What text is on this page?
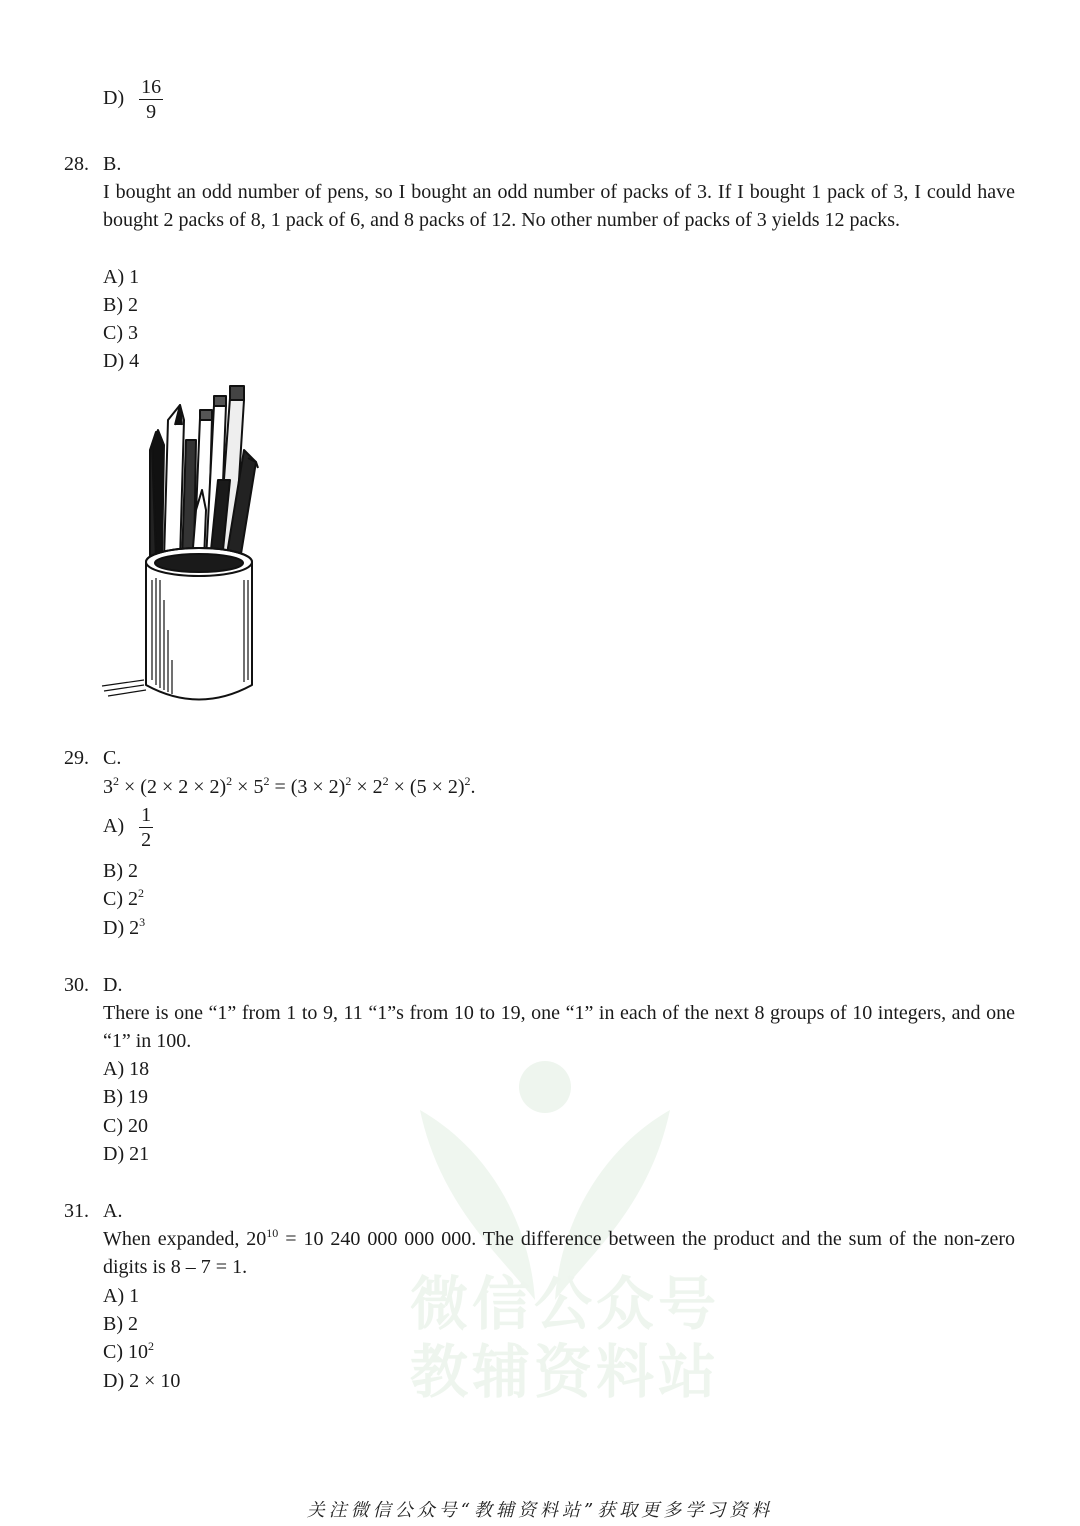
微信公众号
教辅资料站
$D) \frac{16}{9}$
28. B.
I bought an odd number of pens, so I bought an odd number of packs of 3. If I bought 1 pack of 3, I could have bought 2 packs of 8, 1 pack of 6, and 8 packs of 12. No other number of packs of 3 yields 12 packs.
A) 1
B) 2
C) 3
D) 4
29. C.
$3^2 \times (2 \times 2 \times 2)^2 \times 5^2 = (3 \times 2)^2 \times 2^2 \times (5 \times 2)^2$.
$A) \frac{1}{2}$
B) 2
C) $2^2$
D) $2^3$
30. D.
There is one “1” from 1 to 9, 11 “1”s from 10 to 19, one “1” in each of the next 8 groups of 10 integers, and one “1” in 100.
A) 18
B) 19
C) 20
D) 21
31. A.
When expanded, $20^{10} = 10$ 240 000 000 000. The difference between the product and the sum of the non-zero digits is 8 – 7 = 1.
A) 1
B) 2
C) $10^2$
D) 2 × 10
关注微信公众号“教辅资料站”获取更多学习资料
